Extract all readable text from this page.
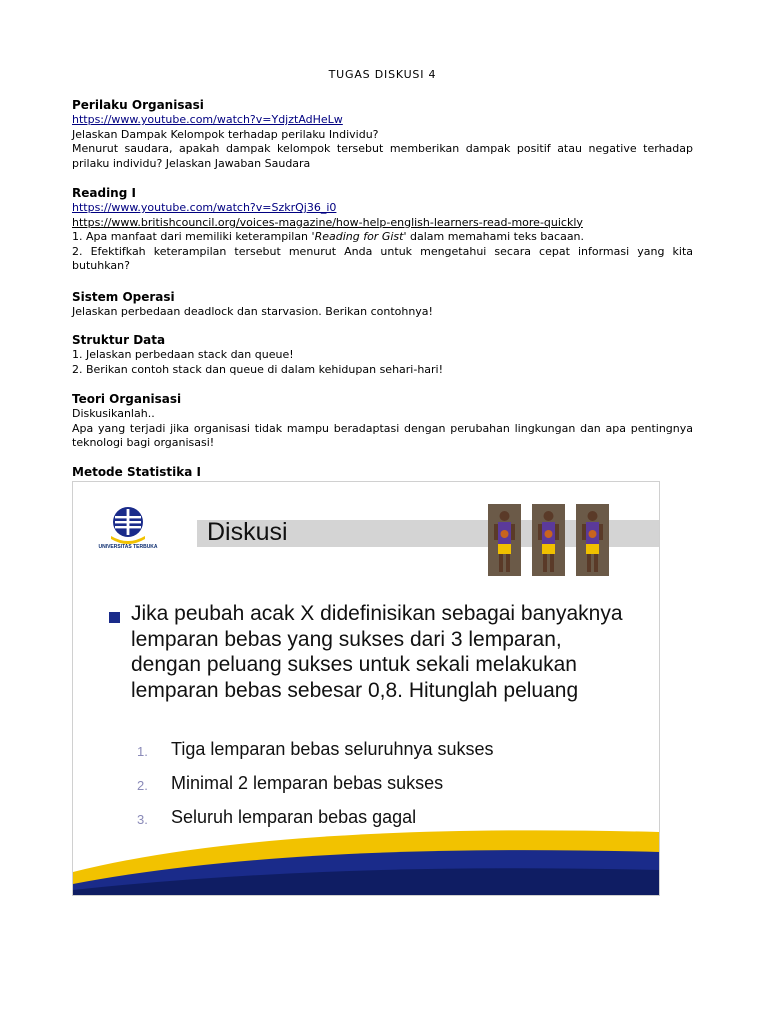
TUGAS DISKUSI 4

Perilaku Organisasi

https://www.youtube.com/watch?v=YdjztAdHeLw

Jelaskan Dampak Kelompok terhadap perilaku Individu?

Menurut saudara, apakah dampak kelompok tersebut memberikan dampak positif atau negative terhadap prilaku individu? Jelaskan Jawaban Saudara

Reading I

https://www.youtube.com/watch?v=SzkrQj36_i0
https://www.britishcouncil.org/voices-magazine/how-help-english-learners-read-more-quickly

1. Apa manfaat dari memiliki keterampilan 'Reading for Gist' dalam memahami teks bacaan.

2. Efektifkah keterampilan tersebut menurut Anda untuk mengetahui secara cepat informasi yang kita butuhkan?

Sistem Operasi

Jelaskan perbedaan deadlock dan starvasion. Berikan contohnya!

Struktur Data

1. Jelaskan perbedaan stack dan queue!

2. Berikan contoh stack dan queue di dalam kehidupan sehari-hari!

Teori Organisasi

Diskusikanlah..

Apa yang terjadi jika organisasi tidak mampu beradaptasi dengan perubahan lingkungan dan apa pentingnya teknologi bagi organisasi!

Metode Statistika I

UNIVERSITAS TERBUKA
Diskusi
Jika peubah acak X didefinisikan sebagai banyaknya lemparan bebas yang sukses dari 3 lemparan, dengan peluang sukses untuk sekali melakukan lemparan bebas sebesar 0,8. Hitunglah peluang
1. Tiga lemparan bebas seluruhnya sukses
2. Minimal 2 lemparan bebas sukses
3. Seluruh lemparan bebas gagal
